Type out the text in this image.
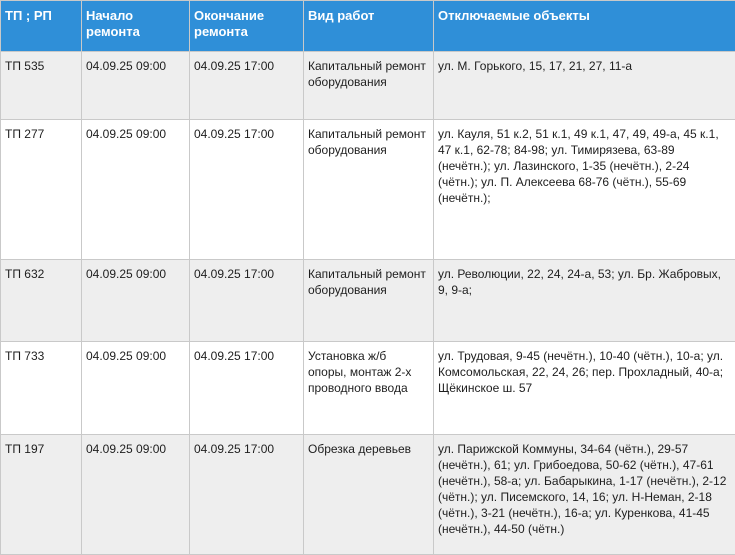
ТП ; РП	Начало ремонта	Окончание ремонта	Вид работ	Отключаемые объекты
ТП 535	04.09.25 09:00	04.09.25 17:00	Капитальный ремонт оборудования	ул. М. Горького, 15, 17, 21, 27, 11-а
ТП 277	04.09.25 09:00	04.09.25 17:00	Капитальный ремонт оборудования	ул. Кауля, 51 к.2, 51 к.1, 49 к.1, 47, 49, 49-а, 45 к.1, 47 к.1, 62-78; 84-98; ул. Тимирязева, 63-89 (нечётн.); ул. Лазинского, 1-35 (нечётн.), 2-24 (чётн.); ул. П. Алексеева 68-76 (чётн.), 55-69 (нечётн.);
ТП 632	04.09.25 09:00	04.09.25 17:00	Капитальный ремонт оборудования	ул. Революции, 22, 24, 24-а, 53; ул. Бр. Жабровых, 9, 9-а;
ТП 733	04.09.25 09:00	04.09.25 17:00	Установка ж/б опоры, монтаж 2-х проводного ввода	ул. Трудовая, 9-45 (нечётн.), 10-40 (чётн.), 10-а; ул. Комсомольская, 22, 24, 26; пер. Прохладный, 40-а; Щёкинское ш. 57
ТП 197	04.09.25 09:00	04.09.25 17:00	Обрезка деревьев	ул. Парижской Коммуны, 34-64 (чётн.), 29-57 (нечётн.), 61; ул. Грибоедова, 50-62 (чётн.), 47-61 (нечётн.), 58-а; ул. Бабарыкина, 1-17 (нечётн.), 2-12 (чётн.); ул. Писемского, 14, 16; ул. Н-Неман, 2-18 (чётн.), 3-21 (нечётн.), 16-а; ул. Куренкова, 41-45 (нечётн.), 44-50 (чётн.)
